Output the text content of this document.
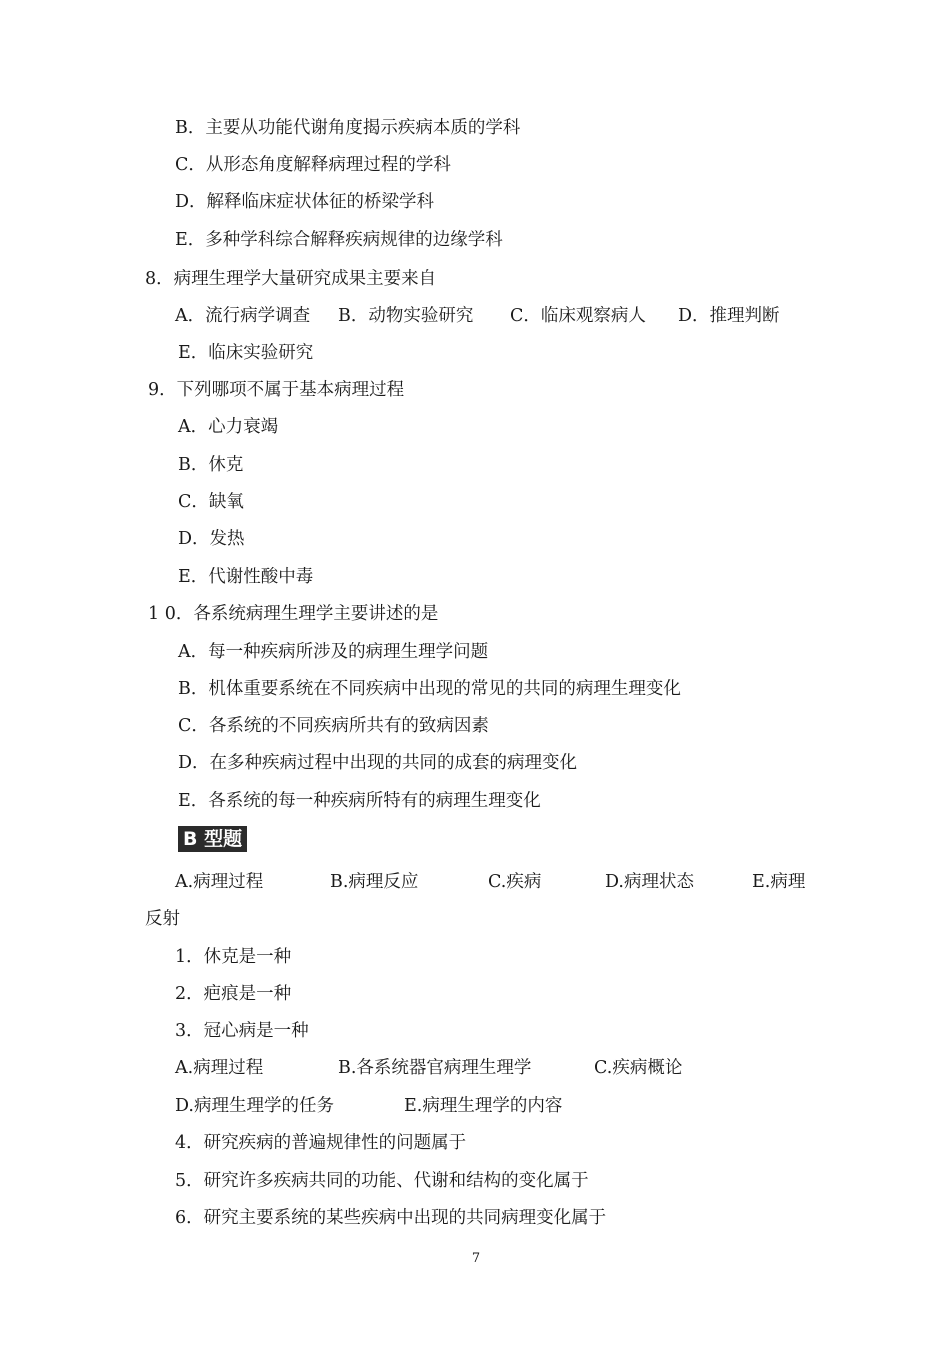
B．主要从功能代谢角度揭示疾病本质的学科
C．从形态角度解释病理过程的学科
D．解释临床症状体征的桥梁学科
E．多种学科综合解释疾病规律的边缘学科
8．病理生理学大量研究成果主要来自
A．流行病学调查 B．动物实验研究 C．临床观察病人 D．推理判断
E．临床实验研究
9．下列哪项不属于基本病理过程
A．心力衰竭
B．休克
C．缺氧
D．发热
E．代谢性酸中毒
1 0．各系统病理生理学主要讲述的是
A．每一种疾病所涉及的病理生理学问题
B．机体重要系统在不同疾病中出现的常见的共同的病理生理变化
C．各系统的不同疾病所共有的致病因素
D．在多种疾病过程中出现的共同的成套的病理变化
E．各系统的每一种疾病所特有的病理生理变化
B 型题
A.病理过程	B.病理反应	C.疾病	D.病理状态	E.病理
反射
1．休克是一种
2．疤痕是一种
3．冠心病是一种
A.病理过程	B.各系统器官病理生理学	C.疾病概论
D.病理生理学的任务	E.病理生理学的内容
4．研究疾病的普遍规律性的问题属于
5．研究许多疾病共同的功能、代谢和结构的变化属于
6．研究主要系统的某些疾病中出现的共同病理变化属于
7
